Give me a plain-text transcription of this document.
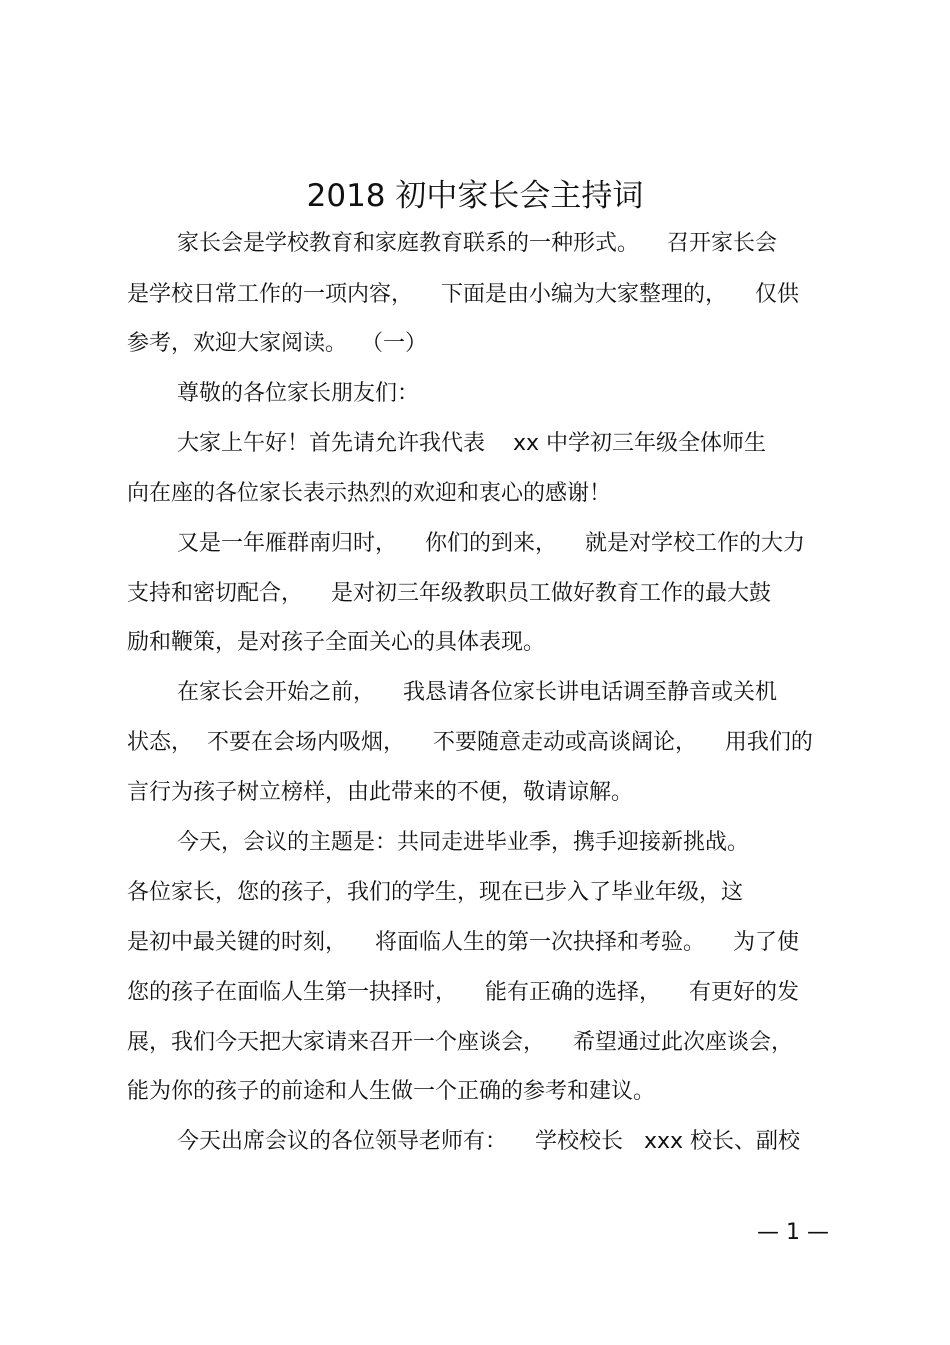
2018 初中家长会主持词
家长会是学校教育和家庭教育联系的一种形式。    召开家长会
是学校日常工作的一项内容，    下面是由小编为大家整理的，    仅供
参考，欢迎大家阅读。  （一）
尊敬的各位家长朋友们：
大家上午好！首先请允许我代表    xx 中学初三年级全体师生
向在座的各位家长表示热烈的欢迎和衷心的感谢！
又是一年雁群南归时，    你们的到来，    就是对学校工作的大力
支持和密切配合，    是对初三年级教职员工做好教育工作的最大鼓
励和鞭策，是对孩子全面关心的具体表现。
在家长会开始之前，    我恳请各位家长讲电话调至静音或关机
状态，  不要在会场内吸烟，    不要随意走动或高谈阔论，    用我们的
言行为孩子树立榜样，由此带来的不便，敬请谅解。
今天，会议的主题是：共同走进毕业季，携手迎接新挑战。
各位家长，您的孩子，我们的学生，现在已步入了毕业年级，这
是初中最关键的时刻，    将面临人生的第一次抉择和考验。    为了使
您的孩子在面临人生第一抉择时，    能有正确的选择，    有更好的发
展，我们今天把大家请来召开一个座谈会，    希望通过此次座谈会，
能为你的孩子的前途和人生做一个正确的参考和建议。
今天出席会议的各位领导老师有：    学校校长   xxx 校长、副校
— 1 —
